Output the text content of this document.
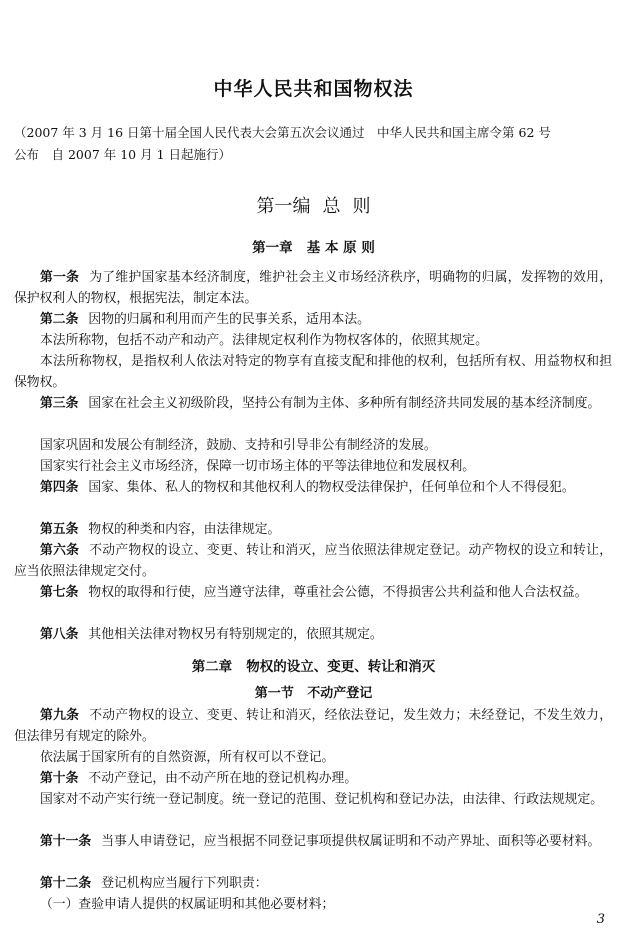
中华人民共和国物权法
（2007 年 3 月 16 日第十届全国人民代表大会第五次会议通过　中华人民共和国主席令第 62 号
公布　自 2007 年 10 月 1 日起施行）
第一编 总 则
第一章 基 本 原 则
第一条 为了维护国家基本经济制度，维护社会主义市场经济秩序，明确物的归属，发挥物的效用，保护权利人的物权，根据宪法，制定本法。
第二条 因物的归属和利用而产生的民事关系，适用本法。
本法所称物，包括不动产和动产。法律规定权利作为物权客体的，依照其规定。
本法所称物权，是指权利人依法对特定的物享有直接支配和排他的权利，包括所有权、用益物权和担保物权。
第三条 国家在社会主义初级阶段，坚持公有制为主体、多种所有制经济共同发展的基本经济制度。
国家巩固和发展公有制经济，鼓励、支持和引导非公有制经济的发展。
国家实行社会主义市场经济，保障一切市场主体的平等法律地位和发展权利。
第四条 国家、集体、私人的物权和其他权利人的物权受法律保护，任何单位和个人不得侵犯。
第五条 物权的种类和内容，由法律规定。
第六条 不动产物权的设立、变更、转让和消灭，应当依照法律规定登记。动产物权的设立和转让，应当依照法律规定交付。
第七条 物权的取得和行使，应当遵守法律，尊重社会公德，不得损害公共利益和他人合法权益。
第八条 其他相关法律对物权另有特别规定的，依照其规定。
第二章 物权的设立、变更、转让和消灭
第一节 不动产登记
第九条 不动产物权的设立、变更、转让和消灭，经依法登记，发生效力；未经登记，不发生效力，但法律另有规定的除外。
依法属于国家所有的自然资源，所有权可以不登记。
第十条 不动产登记，由不动产所在地的登记机构办理。
国家对不动产实行统一登记制度。统一登记的范围、登记机构和登记办法，由法律、行政法规规定。
第十一条 当事人申请登记，应当根据不同登记事项提供权属证明和不动产界址、面积等必要材料。
第十二条 登记机构应当履行下列职责：
（一）查验申请人提供的权属证明和其他必要材料；
3
